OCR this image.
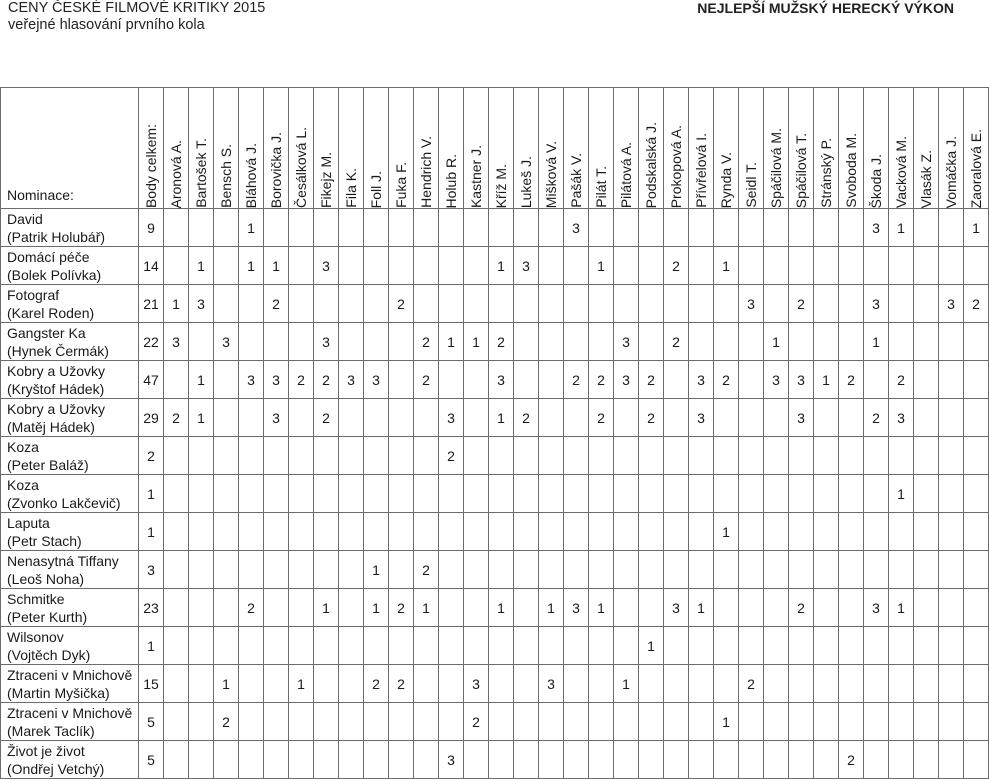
CENY ČESKÉ FILMOVÉ KRITIKY 2015
veřejné hlasování prvního kola
NEJLEPŠÍ MUŽSKÝ HERECKÝ VÝKON
Nominace:	Body celkem:	Aronová A.	Bartošek T.	Bensch S.	Bláhová J.	Borovička J.	Česálková L.	Fikejz M.	Fila K.	Foll J.	Fuka F.	Hendrich V.	Holub R.	Kastner J.	Kříž M.	Lukeš J.	Mišková V.	Pašák V.	Pilát T.	Pilátová A.	Podskalská J.	Prokopová A.	Přívřelová I.	Rynda V.	Seidl T.	Spáčilová M.	Spáčilová T.	Stránský P.	Svoboda M.	Škoda J.	Vacková M.	Vlasák Z.	Vomáčka J.	Zaoralová E.

David
(Patrik Holubář)	9				1													3												3	1			1

Domácí péče
(Bolek Polívka)	14		1		1	1		3							1	3			1			2		1										

Fotograf
(Karel Roden)	21	1	3			2					2														3		2			3			3	2

Gangster Ka
(Hynek Čermák)	22	3		3				3				2	1	1	2					3		2				1				1				

Kobry a Užovky
(Kryštof Hádek)	47		1		3	3	2	2	3	3		2			3			2	2	3	2		3	2		3	3	1	2		2			

Kobry a Užovky
(Matěj Hádek)	29	2	1			3		2					3		1	2			2		2		3				3			2	3			

Koza
(Peter Baláž)	2												2																					

Koza
(Zvonko Lakčevič)	1																														1			

Laputa
(Petr Stach)	1																							1										

Nenasytná Tiffany
(Leoš Noha)	3									1		2																						

Schmitke
(Peter Kurth)	23				2			1		1	2	1			1		1	3	1			3	1				2			3	1			

Wilsonov
(Vojtěch Dyk)	1																				1													

Ztraceni v Mnichově
(Martin Myšička)	15			1			1			2	2			3			3			1					2									

Ztraceni v Mnichově
(Marek Taclík)	5			2										2										1										

Život je život
(Ondřej Vetchý)	5												3																2					
